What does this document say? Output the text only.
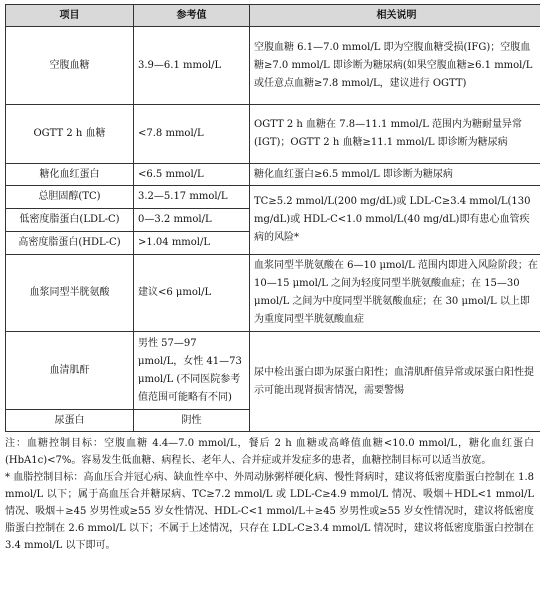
项目	参考值	相关说明
空腹血糖	3.9—6.1 mmol/L	空腹血糖 6.1—7.0 mmol/L 即为空腹血糖受损(IFG)；空腹血糖≥7.0 mmol/L 即诊断为糖尿病(如果空腹血糖≥6.1 mmol/L 或任意点血糖≥7.8 mmol/L，建议进行 OGTT)
OGTT 2 h 血糖	<7.8 mmol/L	OGTT 2 h 血糖在 7.8—11.1 mmol/L 范围内为糖耐量异常(IGT)；OGTT 2 h 血糖≥11.1 mmol/L 即诊断为糖尿病
糖化血红蛋白	<6.5 mmol/L	糖化血红蛋白≥6.5 mmol/L 即诊断为糖尿病
总胆固醇(TC)	3.2—5.17 mmol/L	TC≥5.2 mmol/L(200 mg/dL)或 LDL-C≥3.4 mmol/L(130 mg/dL)或 HDL-C<1.0 mmol/L(40 mg/dL)即有患心血管疾病的风险*
低密度脂蛋白(LDL-C)	0—3.2 mmol/L	
高密度脂蛋白(HDL-C)	>1.04 mmol/L	
血浆同型半胱氨酸	建议<6 μmol/L	血浆同型半胱氨酸在 6—10 μmol/L 范围内即进入风险阶段；在 10—15 μmol/L 之间为轻度同型半胱氨酸血症；在 15—30 μmol/L 之间为中度同型半胱氨酸血症；在 30 μmol/L 以上即为重度同型半胱氨酸血症
血清肌酐	男性 57—97 μmol/L，女性 41—73 μmol/L (不同医院参考值范围可能略有不同)	尿中检出蛋白即为尿蛋白阳性；血清肌酐值异常或尿蛋白阳性提示可能出现肾损害情况，需要警惕
尿蛋白	阴性	
注：血糖控制目标：空腹血糖 4.4—7.0 mmol/L，餐后 2 h 血糖或高峰值血糖<10.0 mmol/L，糖化血红蛋白(HbA1c)<7%。容易发生低血糖、病程长、老年人、合并症或并发症多的患者，血糖控制目标可以适当放宽。
* 血脂控制目标：高血压合并冠心病、缺血性卒中、外周动脉粥样硬化病、慢性肾病时，建议将低密度脂蛋白控制在 1.8 mmol/L 以下；属于高血压合并糖尿病、TC≥7.2 mmol/L 或 LDL-C≥4.9 mmol/L 情况、吸烟＋HDL<1 mmol/L 情况、吸烟＋≥45 岁男性或≥55 岁女性情况、HDL-C<1 mmol/L＋≥45 岁男性或≥55 岁女性情况时，建议将低密度脂蛋白控制在 2.6 mmol/L 以下；不属于上述情况，只存在 LDL-C≥3.4 mmol/L 情况时，建议将低密度脂蛋白控制在 3.4 mmol/L 以下即可。
